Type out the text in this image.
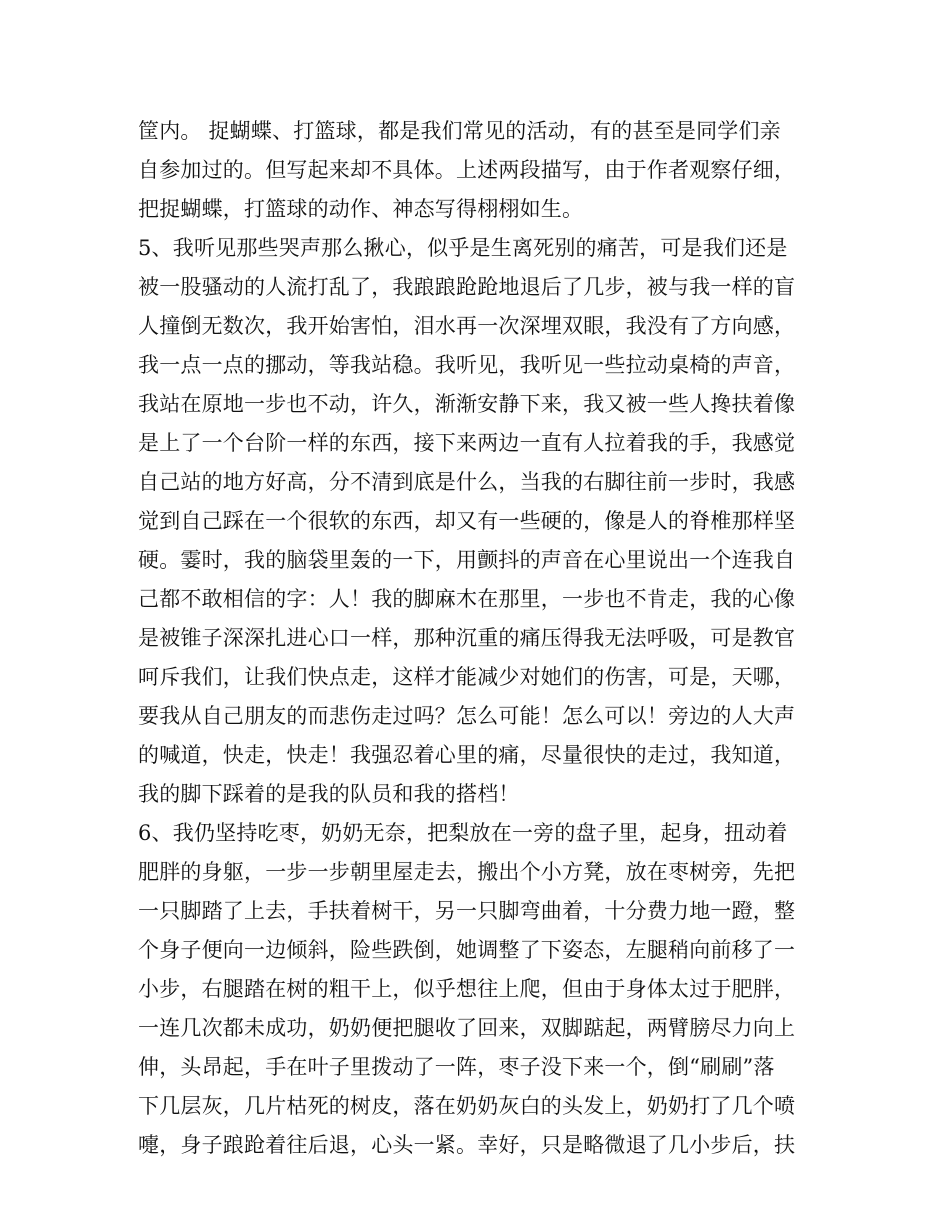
筐内。 捉蝴蝶、打篮球，都是我们常见的活动，有的甚至是同学们亲
自参加过的。但写起来却不具体。上述两段描写，由于作者观察仔细，
把捉蝴蝶，打篮球的动作、神态写得栩栩如生。
5、我听见那些哭声那么揪心，似乎是生离死别的痛苦，可是我们还是
被一股骚动的人流打乱了，我踉踉跄跄地退后了几步，被与我一样的盲
人撞倒无数次，我开始害怕，泪水再一次深埋双眼，我没有了方向感，
我一点一点的挪动，等我站稳。我听见，我听见一些拉动桌椅的声音，
我站在原地一步也不动，许久，渐渐安静下来，我又被一些人搀扶着像
是上了一个台阶一样的东西，接下来两边一直有人拉着我的手，我感觉
自己站的地方好高，分不清到底是什么，当我的右脚往前一步时，我感
觉到自己踩在一个很软的东西，却又有一些硬的，像是人的脊椎那样坚
硬。霎时，我的脑袋里轰的一下，用颤抖的声音在心里说出一个连我自
己都不敢相信的字：人！我的脚麻木在那里，一步也不肯走，我的心像
是被锥子深深扎进心口一样，那种沉重的痛压得我无法呼吸，可是教官
呵斥我们，让我们快点走，这样才能减少对她们的伤害，可是，天哪，
要我从自己朋友的而悲伤走过吗？怎么可能！怎么可以！旁边的人大声
的喊道，快走，快走！我强忍着心里的痛，尽量很快的走过，我知道，
我的脚下踩着的是我的队员和我的搭档！
6、我仍坚持吃枣，奶奶无奈，把梨放在一旁的盘子里，起身，扭动着
肥胖的身躯，一步一步朝里屋走去，搬出个小方凳，放在枣树旁，先把
一只脚踏了上去，手扶着树干，另一只脚弯曲着，十分费力地一蹬，整
个身子便向一边倾斜，险些跌倒，她调整了下姿态，左腿稍向前移了一
小步，右腿踏在树的粗干上，似乎想往上爬，但由于身体太过于肥胖，
一连几次都未成功，奶奶便把腿收了回来，双脚踮起，两臂膀尽力向上
伸，头昂起，手在叶子里拨动了一阵，枣子没下来一个，倒“刷刷”落
下几层灰，几片枯死的树皮，落在奶奶灰白的头发上，奶奶打了几个喷
嚏，身子踉跄着往后退，心头一紧。幸好，只是略微退了几小步后，扶
